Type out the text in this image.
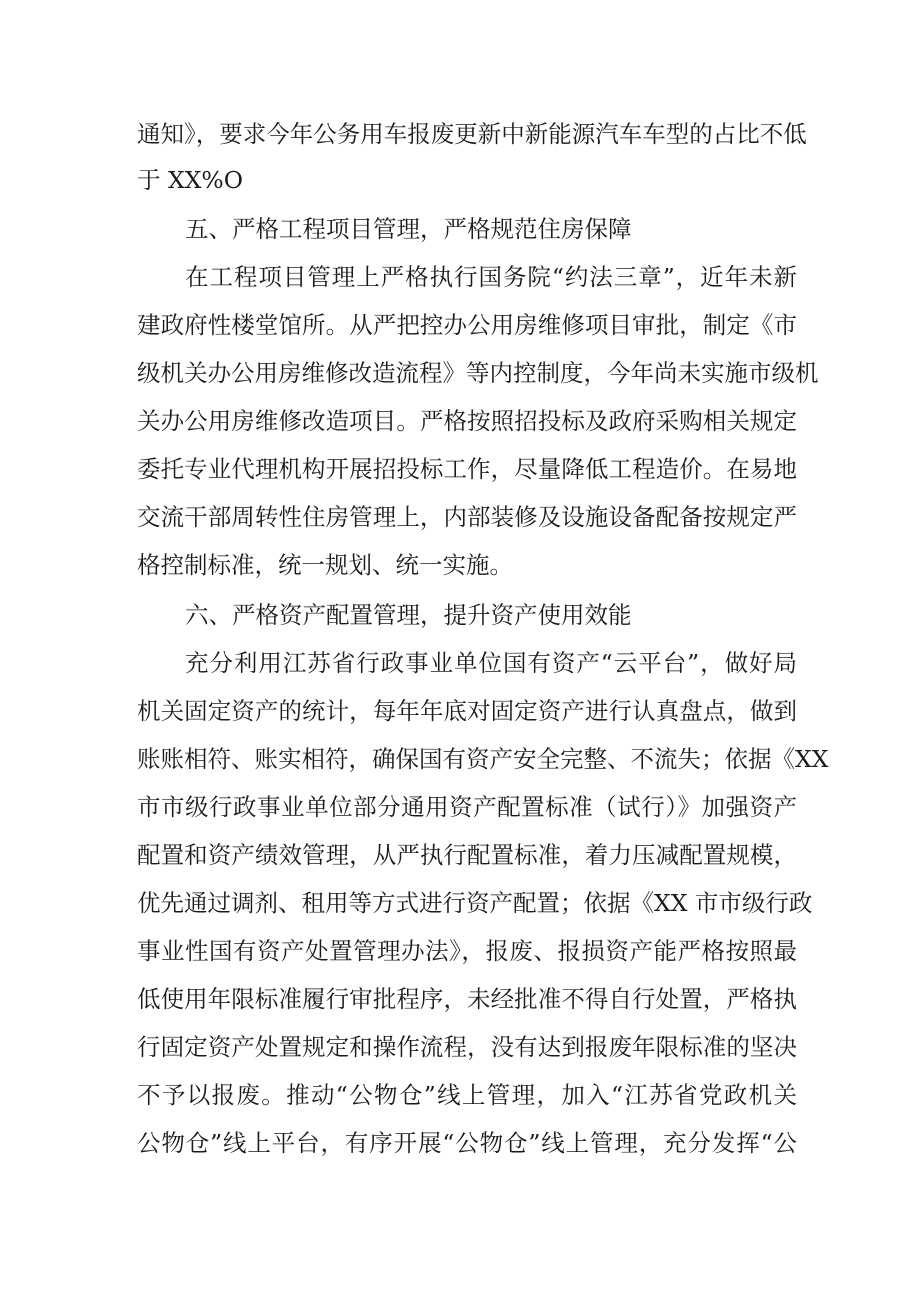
通知》，要求今年公务用车报废更新中新能源汽车车型的占比不低
于 XX%O
五、严格工程项目管理，严格规范住房保障
在工程项目管理上严格执行国务院“约法三章”，近年未新
建政府性楼堂馆所。从严把控办公用房维修项目审批，制定《市
级机关办公用房维修改造流程》等内控制度，今年尚未实施市级机
关办公用房维修改造项目。严格按照招投标及政府采购相关规定
委托专业代理机构开展招投标工作，尽量降低工程造价。在易地
交流干部周转性住房管理上，内部装修及设施设备配备按规定严
格控制标准，统一规划、统一实施。
六、严格资产配置管理，提升资产使用效能
充分利用江苏省行政事业单位国有资产“云平台”，做好局
机关固定资产的统计，每年年底对固定资产进行认真盘点，做到
账账相符、账实相符，确保国有资产安全完整、不流失；依据《XX
市市级行政事业单位部分通用资产配置标准（试行）》加强资产
配置和资产绩效管理，从严执行配置标准，着力压减配置规模，
优先通过调剂、租用等方式进行资产配置；依据《XX 市市级行政
事业性国有资产处置管理办法》，报废、报损资产能严格按照最
低使用年限标准履行审批程序，未经批准不得自行处置，严格执
行固定资产处置规定和操作流程，没有达到报废年限标准的坚决
不予以报废。推动“公物仓”线上管理，加入“江苏省党政机关
公物仓”线上平台，有序开展“公物仓”线上管理，充分发挥“公
